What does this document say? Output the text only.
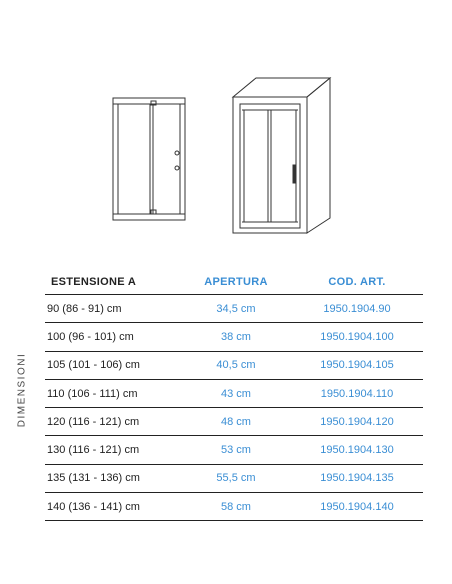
DIMENSIONI
ESTENSIONE A	APERTURA	COD. ART.
90 (86 - 91) cm	34,5 cm	1950.1904.90
100 (96 - 101) cm	38 cm	1950.1904.100
105 (101 - 106) cm	40,5 cm	1950.1904.105
110 (106 - 111) cm	43 cm	1950.1904.110
120 (116 - 121) cm	48 cm	1950.1904.120
130 (116 - 121) cm	53 cm	1950.1904.130
135 (131 - 136) cm	55,5 cm	1950.1904.135
140 (136 - 141) cm	58 cm	1950.1904.140
